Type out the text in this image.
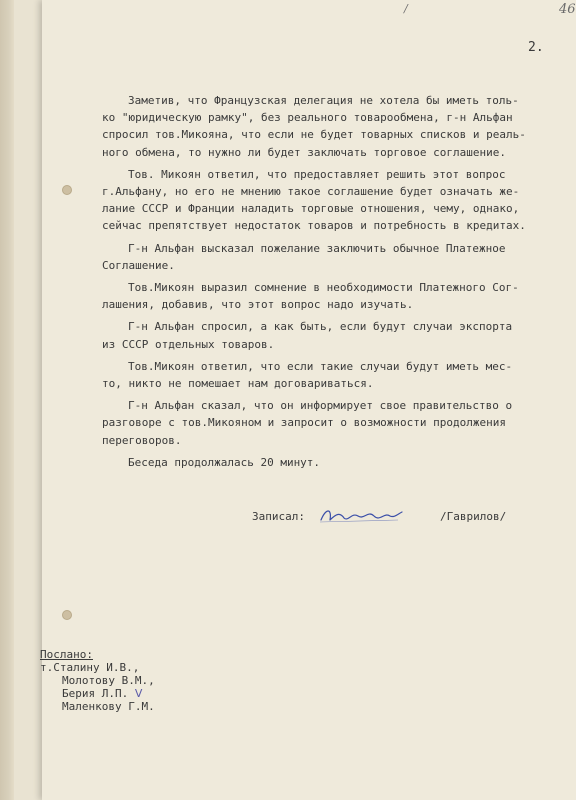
/	46
2.
Заметив, что Французская делегация не хотела бы иметь толь-
ко "юридическую рамку", без реального товарообмена, г-н Альфан
спросил тов.Микояна, что если не будет товарных списков и реаль-
ного обмена, то нужно ли будет заключать торговое соглашение.
Тов. Микоян ответил, что предоставляет решить этот вопрос
г.Альфану, но его не мнению такое соглашение будет означать же-
лание СССР и Франции наладить торговые отношения, чему, однако,
сейчас препятствует недостаток товаров и потребность в кредитах.
Г-н Альфан высказал пожелание заключить обычное Платежное
Соглашение.
Тов.Микоян выразил сомнение в необходимости Платежного Сог-
лашения, добавив, что этот вопрос надо изучать.
Г-н Альфан спросил, а как быть, если будут случаи экспорта
из СССР отдельных товаров.
Тов.Микоян ответил, что если такие случаи будут иметь мес-
то, никто не помешает нам договариваться.
Г-н Альфан сказал, что он информирует свое правительство о
разговоре с тов.Микояном и запросит о возможности продолжения
переговоров.
Беседа продолжалась 20 минут.
Записал:	/Гаврилов/
Послано:
т.Сталину И.В.,
Молотову В.М.,
Берия Л.П. V
Маленкову Г.М.
